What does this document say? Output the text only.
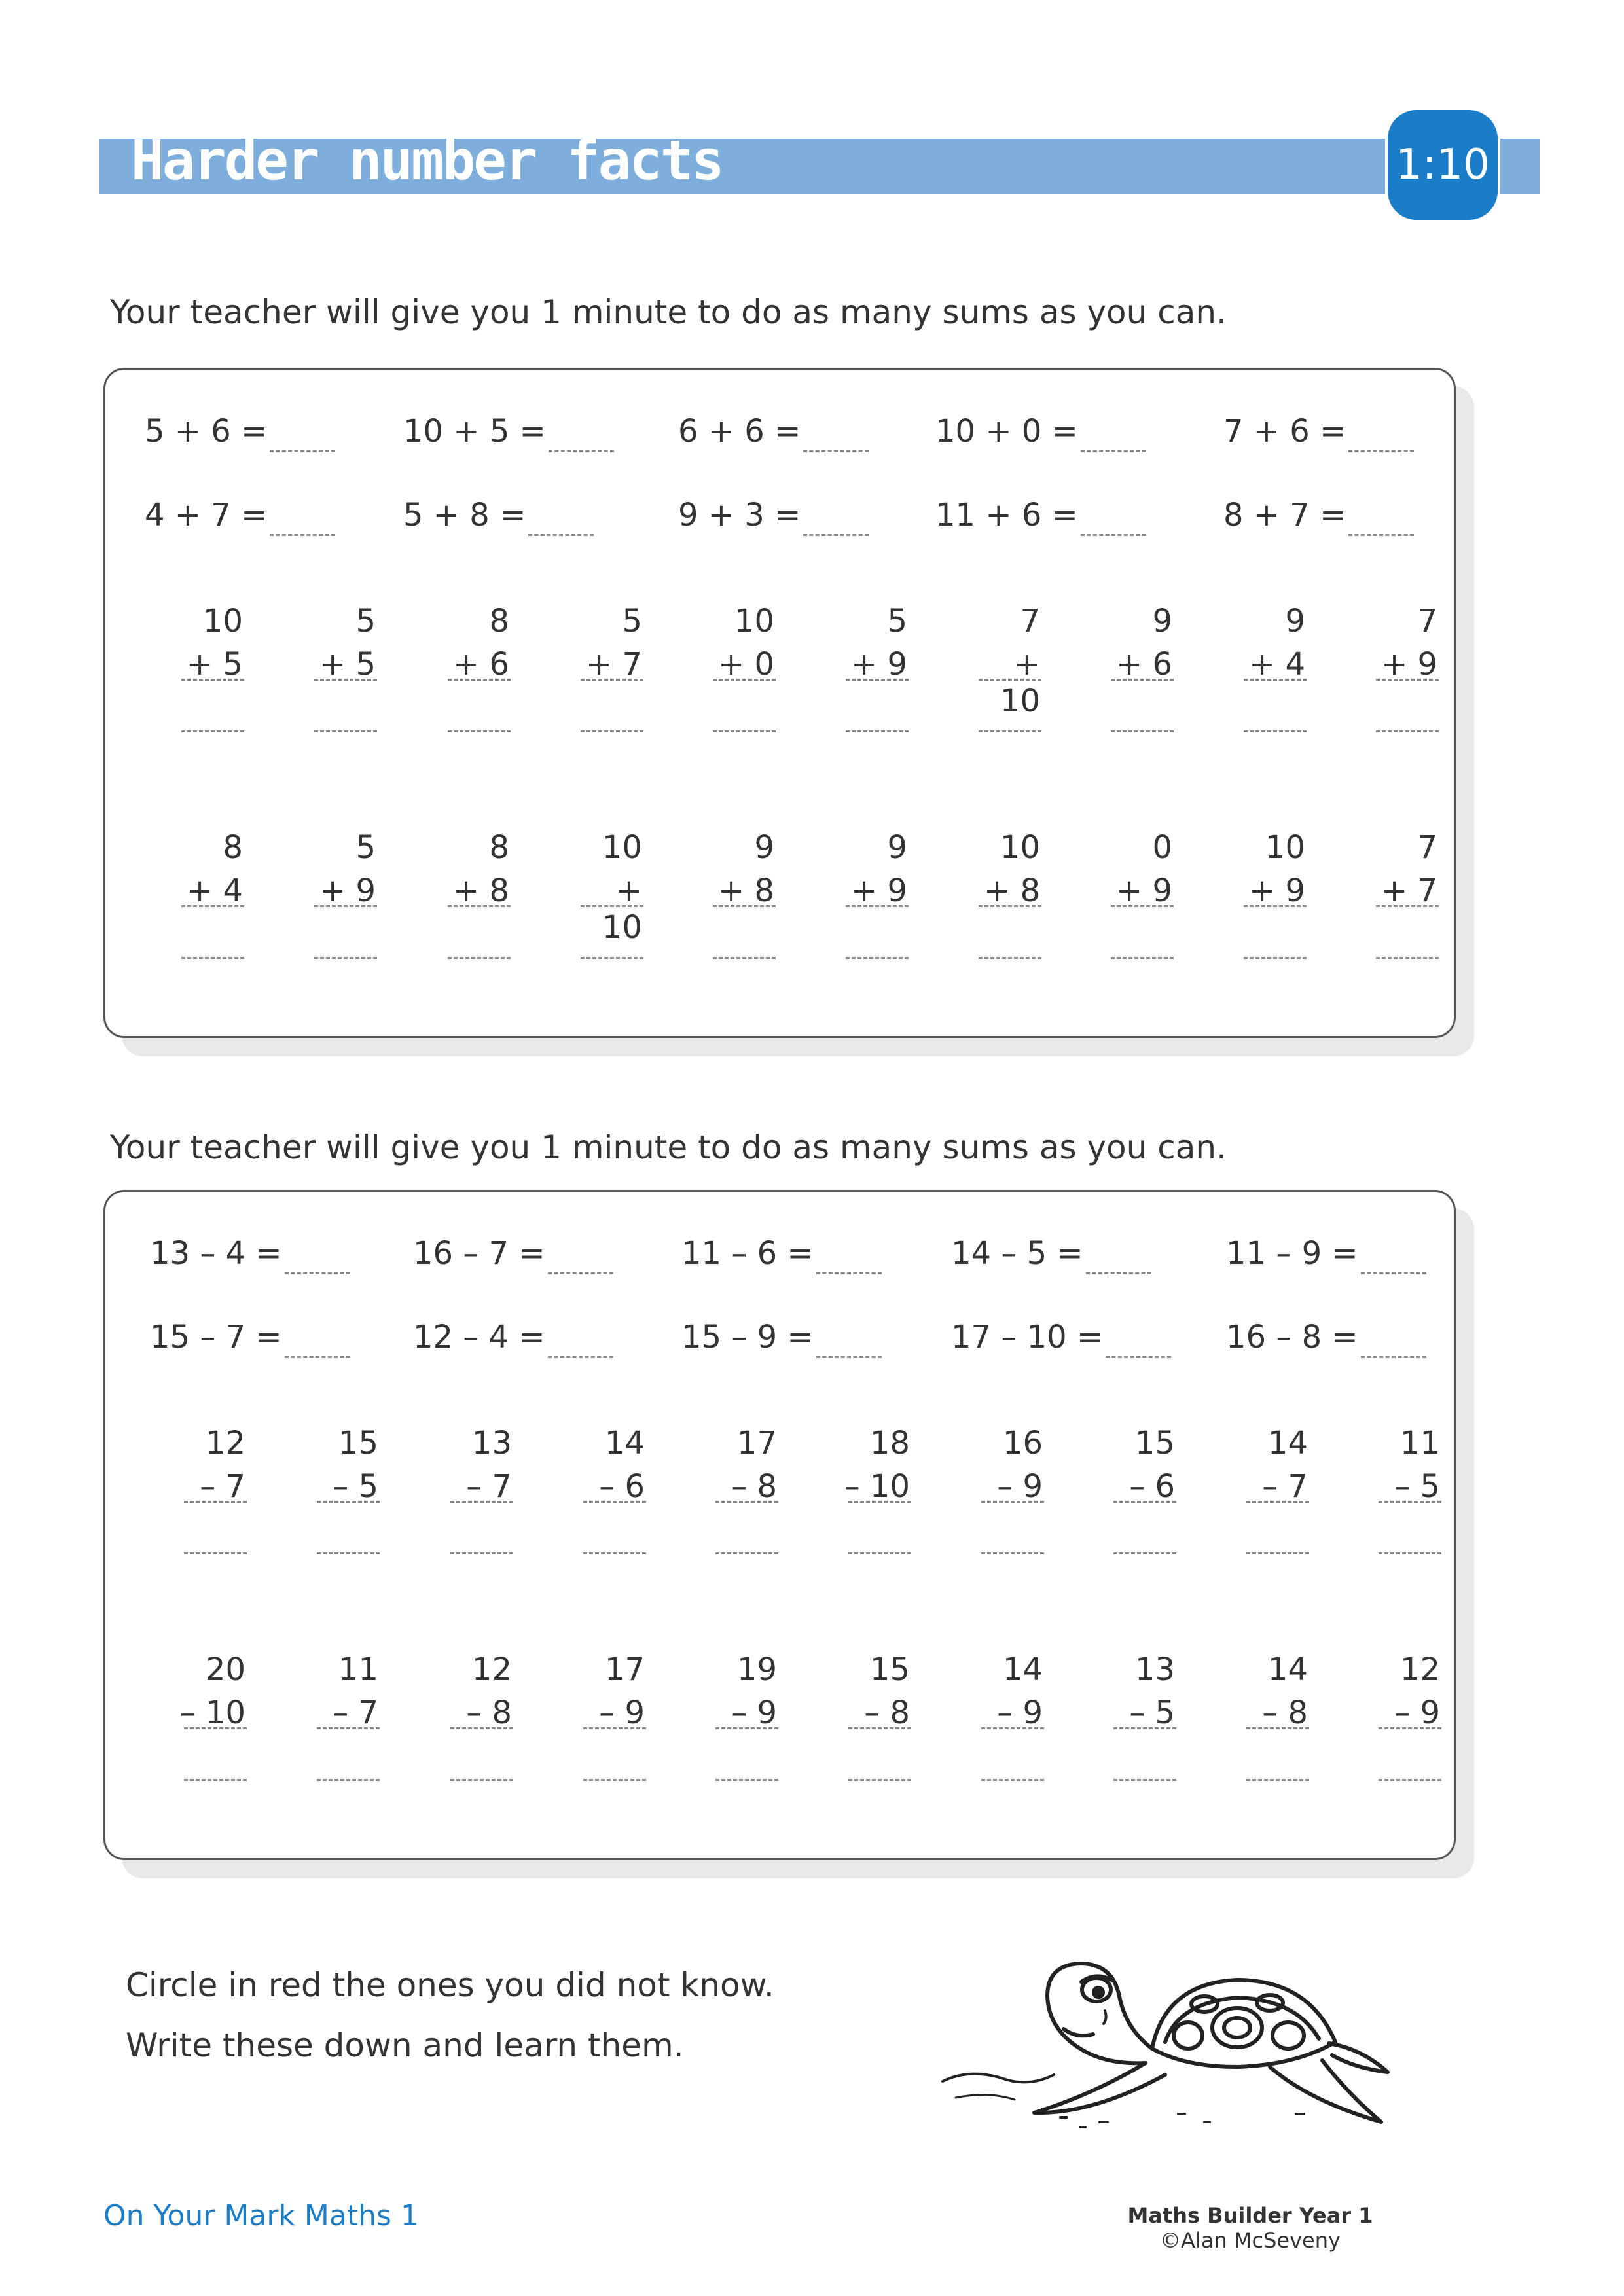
Harder number facts	1:10
Your teacher will give you 1 minute to do as many sums as you can.
5 + 6 =	10 + 5 =	6 + 6 =	10 + 0 =	7 + 6 =
4 + 7 =	5 + 8 =	9 + 3 =	11 + 6 =	8 + 7 =
10
+ 5
5
+ 5
8
+ 6
5
+ 7
10
+ 0
5
+ 9
7
+ 10
9
+ 6
9
+ 4
7
+ 9
8
+ 4
5
+ 9
8
+ 8
10
+ 10
9
+ 8
9
+ 9
10
+ 8
0
+ 9
10
+ 9
7
+ 7
Your teacher will give you 1 minute to do as many sums as you can.
13 – 4 =	16 – 7 =	11 – 6 =	14 – 5 =	11 – 9 =
15 – 7 =	12 – 4 =	15 – 9 =	17 – 10 =	16 – 8 =
12
– 7
15
– 5
13
– 7
14
– 6
17
– 8
18
– 10
16
– 9
15
– 6
14
– 7
11
– 5
20
– 10
11
– 7
12
– 8
17
– 9
19
– 9
15
– 8
14
– 9
13
– 5
14
– 8
12
– 9
Circle in red the ones you did not know.
Write these down and learn them.
On Your Mark Maths 1	Maths Builder Year 1
©Alan McSeveny
